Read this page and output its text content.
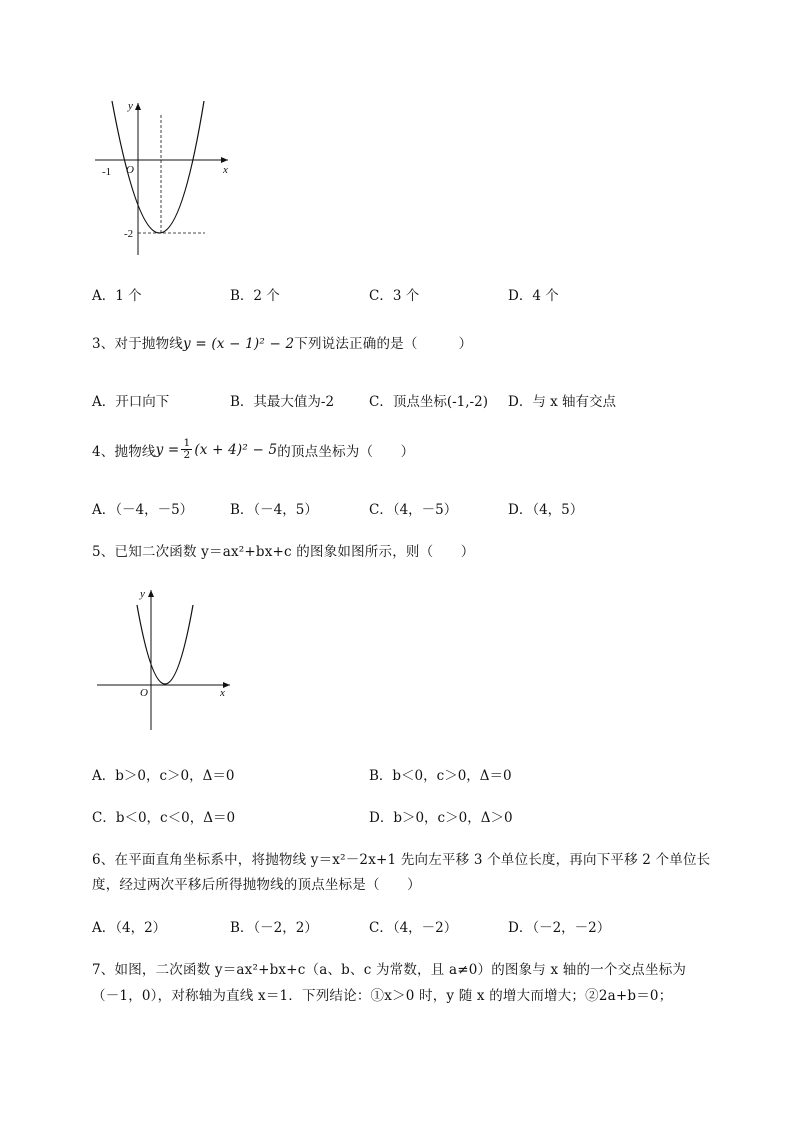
y
x
O
-1
-2
A．1 个	B．2 个	C．3 个	D．4 个
3、对于抛物线y = (x − 1)² − 2下列说法正确的是（　　　）
A．开口向下	B．其最大值为-2	C．顶点坐标(-1,-2) D．与 x 轴有交点
4、抛物线 $y = \frac{1}{2} (x + 4)^2 - 5$ 的顶点坐标为（　　）
A．（－4，－5）	B．（－4，5）	C．（4，－5）	D．（4，5）
5、已知二次函数 y＝ax²+bx+c 的图象如图所示，则（　　）
y
x
O
A．b＞0，c＞0，Δ＝0	B．b＜0，c＞0，Δ＝0
C．b＜0，c＜0，Δ＝0	D．b＞0，c＞0，Δ＞0
6、在平面直角坐标系中，将抛物线 y＝x²－2x+1 先向左平移 3 个单位长度，再向下平移 2 个单位长
度，经过两次平移后所得抛物线的顶点坐标是（　　）
A．（4，2）	B．（－2，2）	C．（4，－2）	D．（－2，－2）
7、如图，二次函数 y＝ax²+bx+c（a、b、c 为常数，且 a≠0）的图象与 x 轴的一个交点坐标为
（－1，0），对称轴为直线 x＝1．下列结论：①x＞0 时，y 随 x 的增大而增大；②2a+b＝0；
